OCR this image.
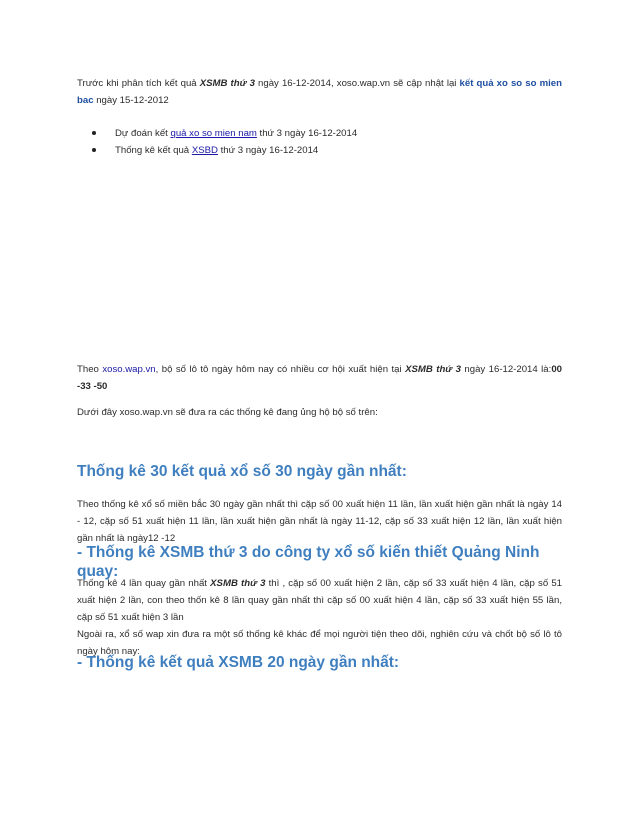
Trước khi phân tích kết quả XSMB thứ 3 ngày 16-12-2014, xoso.wap.vn sẽ cập nhật lại kết quả xo so so mien bac ngày 15-12-2012
Dự đoán kết quả xo so mien nam thứ 3 ngày 16-12-2014
Thống kê kết quả XSBD thứ 3 ngày 16-12-2014
Theo xoso.wap.vn, bộ số lô tô ngày hôm nay có nhiều cơ hội xuất hiện tại XSMB thứ 3 ngày 16-12-2014 là:00 -33 -50
Dưới đây xoso.wap.vn sẽ đưa ra các thống kê đang ủng hộ bộ số trên:
Thống kê 30 kết quả xổ số 30 ngày gần nhất:
Theo thống kê xổ số miền bắc 30 ngày gần nhất thì cặp số 00 xuất hiện 11 lần, lần xuất hiện gần nhất là ngày 14 - 12, cặp số 51 xuất hiện 11 lần, lần xuất hiện gần nhất là ngày 11-12, cặp số 33 xuất hiện 12 lần, lần xuất hiện gần nhất là ngày12 -12
- Thống kê XSMB thứ 3 do công ty xổ số kiến thiết Quảng Ninh quay:
Thống kê 4 lần quay gần nhất XSMB thứ 3 thì , cặp số 00 xuất hiện 2 lần, cặp số 33 xuất hiện 4 lần, cặp số 51 xuất hiện 2 lần, con theo thốn kê 8 lần quay gần nhất thì cặp số 00 xuất hiện 4 lần, cặp số 33 xuất hiện 55 lần, cặp số 51 xuất hiện 3 lần
Ngoài ra, xổ số wap xin đưa ra một số thống kê khác để mọi người tiện theo dõi, nghiên cứu và chốt bộ số lô tô ngày hôm nay:
- Thống kê kết quả XSMB 20 ngày gần nhất:
